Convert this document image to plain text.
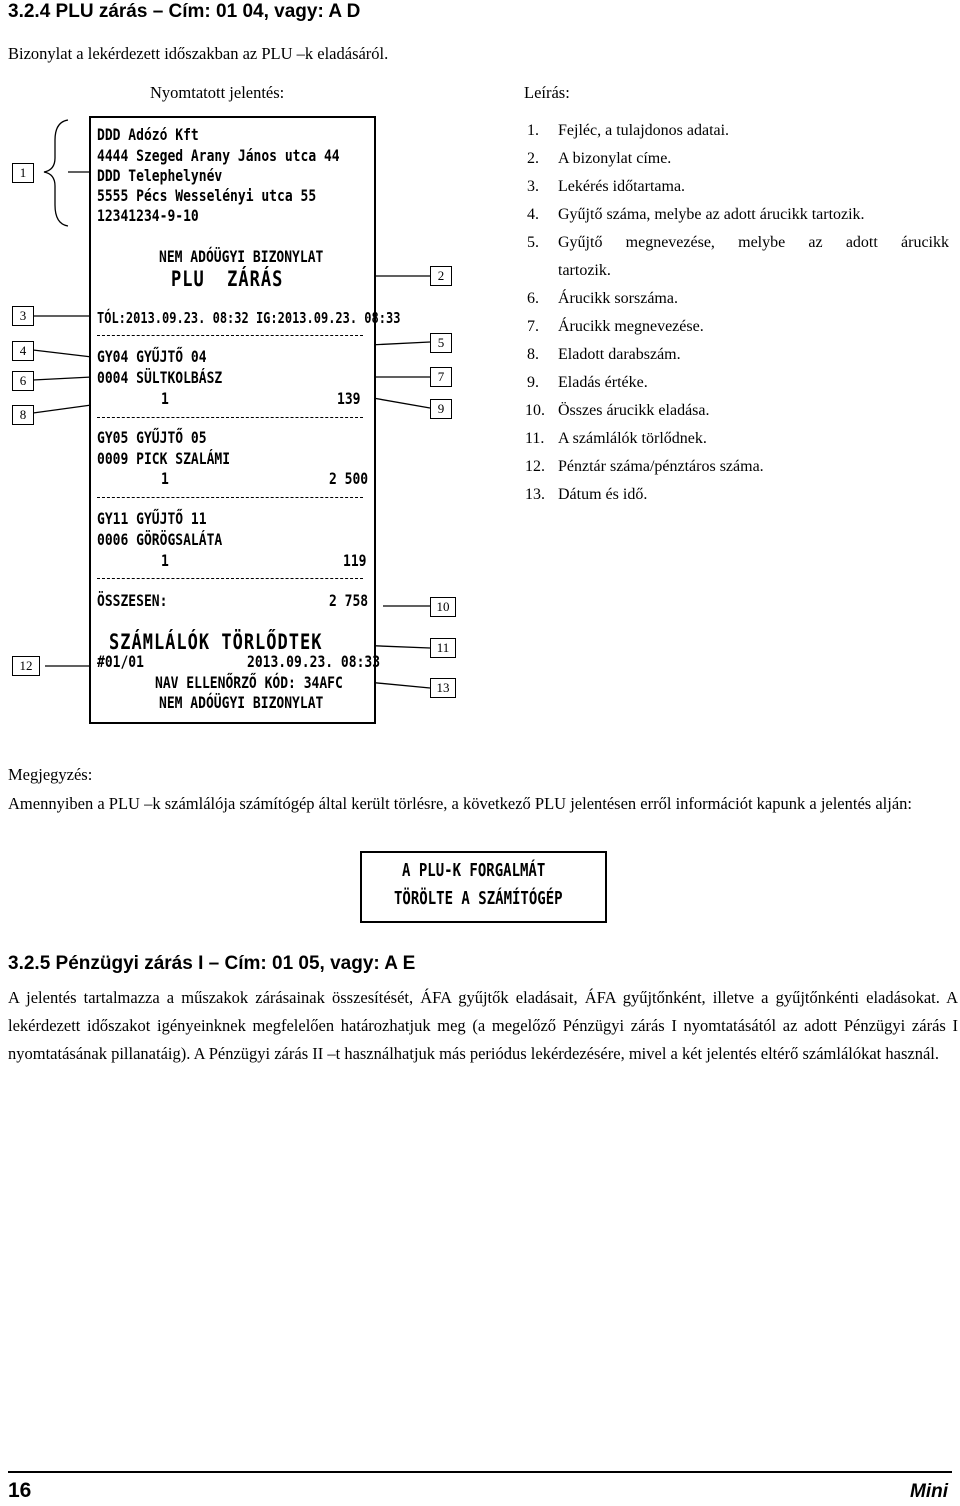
3.2.4 PLU zárás – Cím: 01 04, vagy: A D
Bizonylat a lekérdezett időszakban az PLU –k eladásáról.
Nyomtatott jelentés:	Leírás:
1
3
4
6
8
12
2
5
7
9
10
11
13
DDD Adózó Kft
4444 Szeged Arany János utca 44
DDD Telephelynév
5555 Pécs Wesselényi utca 55
12341234-9-10
NEM ADÓÜGYI BIZONYLAT
PLU  ZÁRÁS
TÓL:2013.09.23. 08:32 IG:2013.09.23. 08:33
GY04 GYŰJTŐ 04
0004 SÜLTKOLBÁSZ
1	139
GY05 GYŰJTŐ 05
0009 PICK SZALÁMI
1	2 500
GY11 GYŰJTŐ 11
0006 GÖRÖGSALÁTA
1	119
ÖSSZESEN:	2 758
SZÁMLÁLÓK TÖRLŐDTEK
#01/01	2013.09.23. 08:33
NAV ELLENŐRZŐ KÓD: 34AFC
NEM ADÓÜGYI BIZONYLAT
1. Fejléc, a tulajdonos adatai.
2. A bizonylat címe.
3. Lekérés időtartama.
4. Gyűjtő száma, melybe az adott árucikk tartozik.
5. Gyűjtő megnevezése, melybe az adott árucikk
tartozik.
6. Árucikk sorszáma.
7. Árucikk megnevezése.
8. Eladott darabszám.
9. Eladás értéke.
10. Összes árucikk eladása.
11. A számlálók törlődnek.
12. Pénztár száma/pénztáros száma.
13. Dátum és idő.
Megjegyzés:
Amennyiben a PLU –k számlálója számítógép által került törlésre, a következő PLU jelentésen erről információt kapunk a jelentés alján:
A PLU-K FORGALMÁT
TÖRÖLTE A SZÁMÍTÓGÉP
3.2.5 Pénzügyi zárás I – Cím: 01 05, vagy: A E
A jelentés tartalmazza a műszakok zárásainak összesítését, ÁFA gyűjtők eladásait, ÁFA gyűjtőnként, illetve a gyűjtőnkénti eladásokat. A lekérdezett időszakot igényeinknek megfelelően határozhatjuk meg (a megelőző Pénzügyi zárás I nyomtatásától az adott Pénzügyi zárás I nyomtatásának pillanatáig). A Pénzügyi zárás II –t használhatjuk más periódus lekérdezésére, mivel a két jelentés eltérő számlálókat használ.
16	Mini
